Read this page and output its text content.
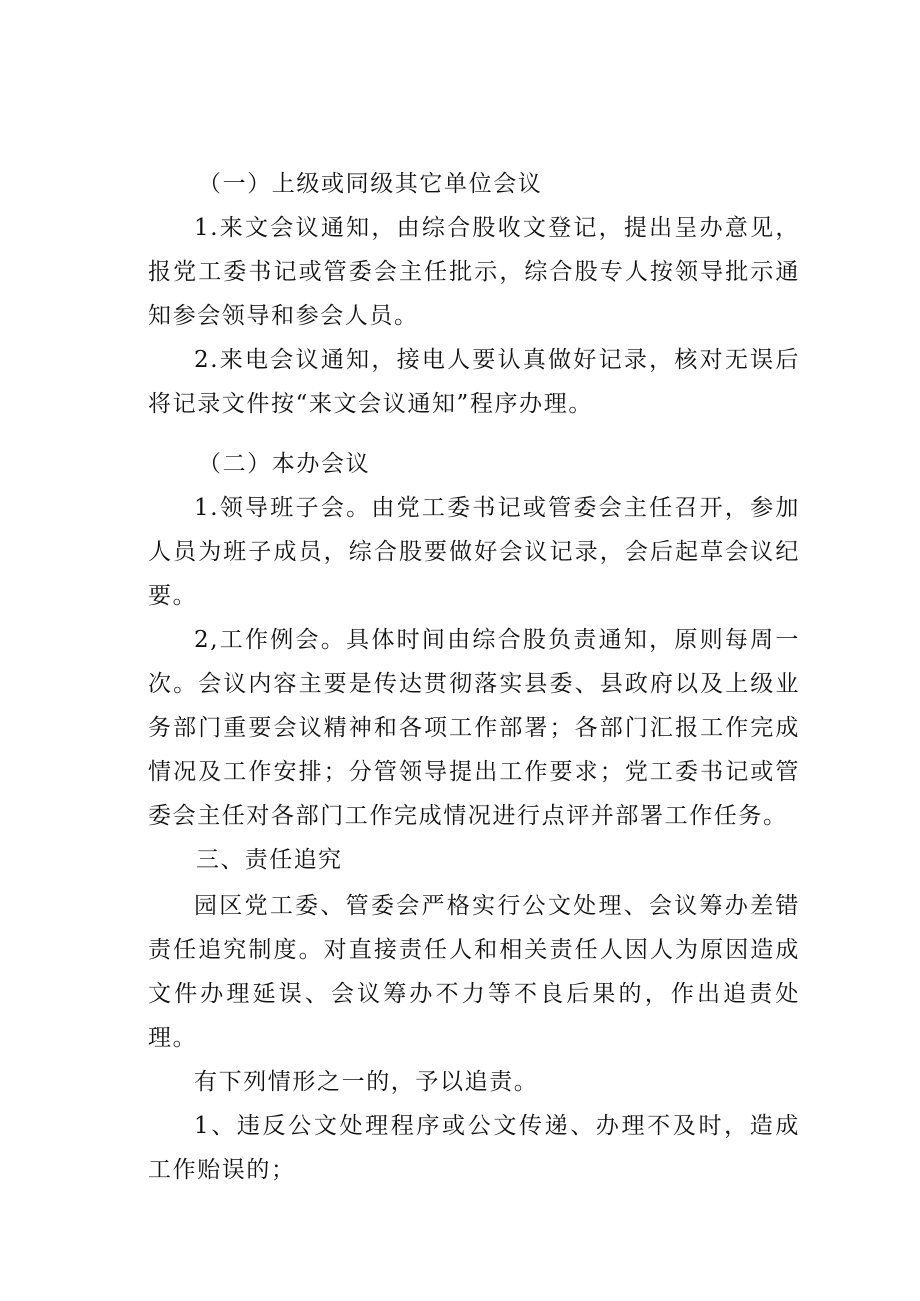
（一）上级或同级其它单位会议

1.来文会议通知，由综合股收文登记，提出呈办意见，报党工委书记或管委会主任批示，综合股专人按领导批示通知参会领导和参会人员。

2.来电会议通知，接电人要认真做好记录，核对无误后将记录文件按“来文会议通知”程序办理。

（二）本办会议

1.领导班子会。由党工委书记或管委会主任召开，参加人员为班子成员，综合股要做好会议记录，会后起草会议纪要。

2,工作例会。具体时间由综合股负责通知，原则每周一次。会议内容主要是传达贯彻落实县委、县政府以及上级业务部门重要会议精神和各项工作部署；各部门汇报工作完成情况及工作安排；分管领导提出工作要求；党工委书记或管委会主任对各部门工作完成情况进行点评并部署工作任务。

三、责任追究

园区党工委、管委会严格实行公文处理、会议筹办差错责任追究制度。对直接责任人和相关责任人因人为原因造成文件办理延误、会议筹办不力等不良后果的，作出追责处理。

有下列情形之一的，予以追责。

1、违反公文处理程序或公文传递、办理不及时，造成工作贻误的；
